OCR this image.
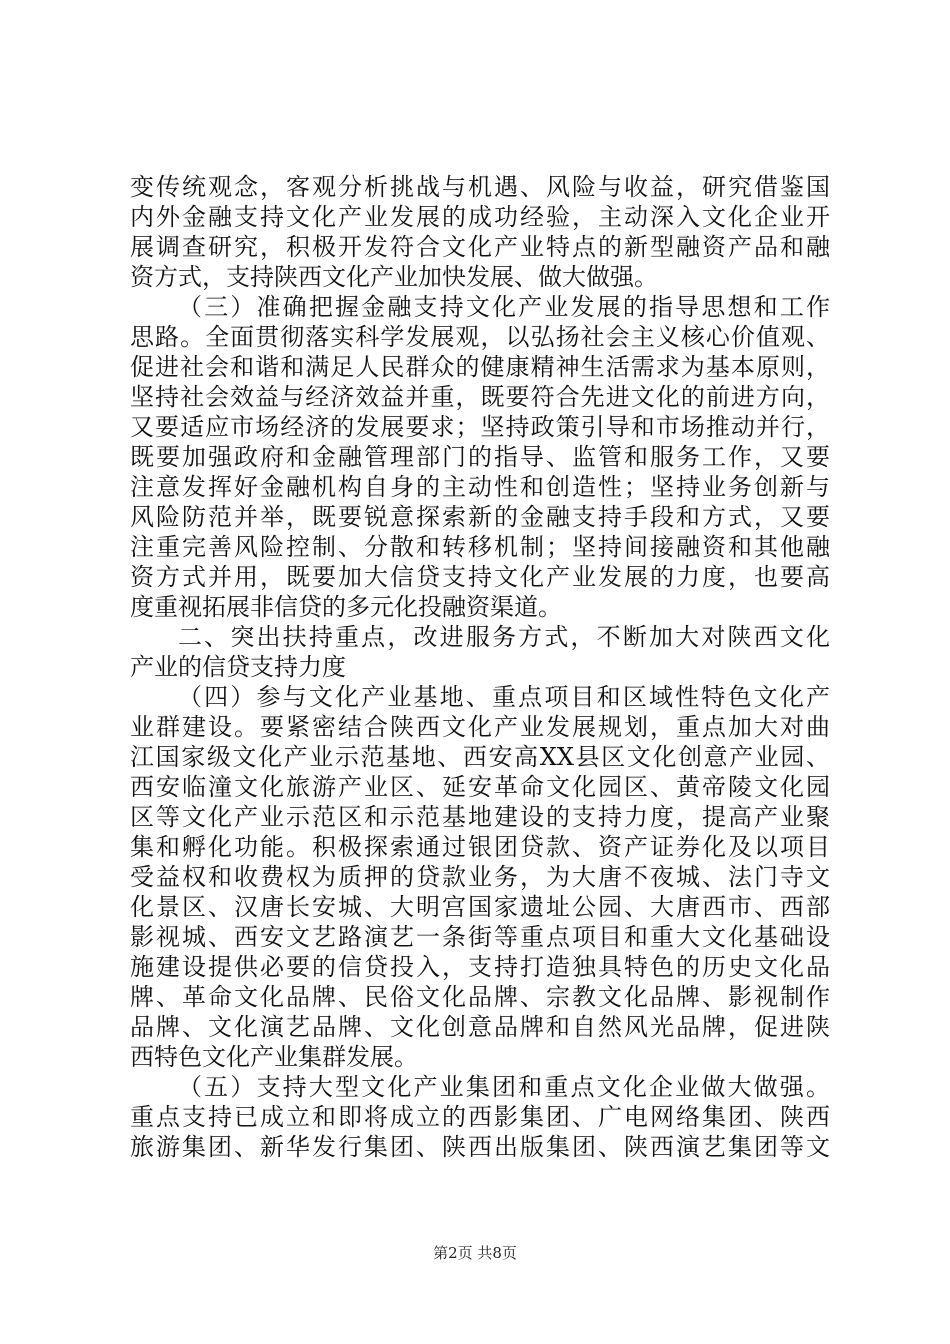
变传统观念，客观分析挑战与机遇、风险与收益，研究借鉴国
内外金融支持文化产业发展的成功经验，主动深入文化企业开
展调查研究，积极开发符合文化产业特点的新型融资产品和融
资方式，支持陕西文化产业加快发展、做大做强。
（三）准确把握金融支持文化产业发展的指导思想和工作
思路。全面贯彻落实科学发展观，以弘扬社会主义核心价值观、
促进社会和谐和满足人民群众的健康精神生活需求为基本原则，
坚持社会效益与经济效益并重，既要符合先进文化的前进方向，
又要适应市场经济的发展要求；坚持政策引导和市场推动并行，
既要加强政府和金融管理部门的指导、监管和服务工作，又要
注意发挥好金融机构自身的主动性和创造性；坚持业务创新与
风险防范并举，既要锐意探索新的金融支持手段和方式，又要
注重完善风险控制、分散和转移机制；坚持间接融资和其他融
资方式并用，既要加大信贷支持文化产业发展的力度，也要高
度重视拓展非信贷的多元化投融资渠道。
二、突出扶持重点，改进服务方式，不断加大对陕西文化
产业的信贷支持力度
（四）参与文化产业基地、重点项目和区域性特色文化产
业群建设。要紧密结合陕西文化产业发展规划，重点加大对曲
江国家级文化产业示范基地、西安高XX县区文化创意产业园、
西安临潼文化旅游产业区、延安革命文化园区、黄帝陵文化园
区等文化产业示范区和示范基地建设的支持力度，提高产业聚
集和孵化功能。积极探索通过银团贷款、资产证券化及以项目
受益权和收费权为质押的贷款业务，为大唐不夜城、法门寺文
化景区、汉唐长安城、大明宫国家遗址公园、大唐西市、西部
影视城、西安文艺路演艺一条街等重点项目和重大文化基础设
施建设提供必要的信贷投入，支持打造独具特色的历史文化品
牌、革命文化品牌、民俗文化品牌、宗教文化品牌、影视制作
品牌、文化演艺品牌、文化创意品牌和自然风光品牌，促进陕
西特色文化产业集群发展。
（五）支持大型文化产业集团和重点文化企业做大做强。
重点支持已成立和即将成立的西影集团、广电网络集团、陕西
旅游集团、新华发行集团、陕西出版集团、陕西演艺集团等文
第2页 共8页
